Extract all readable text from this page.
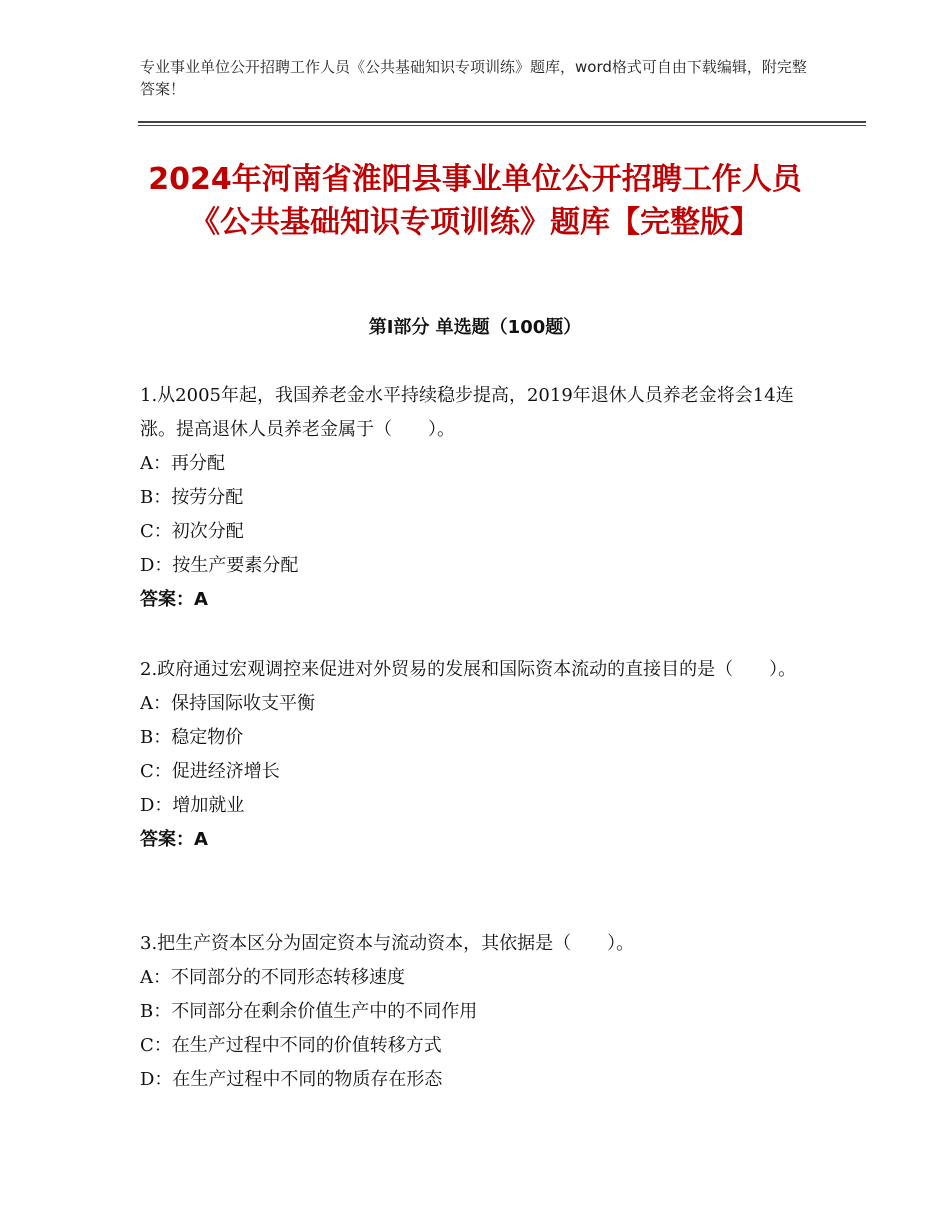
专业事业单位公开招聘工作人员《公共基础知识专项训练》题库，word格式可自由下载编辑，附完整答案！
2024年河南省淮阳县事业单位公开招聘工作人员《公共基础知识专项训练》题库【完整版】
第Ⅰ部分 单选题（100题）

1.从2005年起，我国养老金水平持续稳步提高，2019年退休人员养老金将会14连涨。提高退休人员养老金属于（　　）。

A：再分配

B：按劳分配

C：初次分配

D：按生产要素分配

答案：A

2.政府通过宏观调控来促进对外贸易的发展和国际资本流动的直接目的是（　　）。

A：保持国际收支平衡

B：稳定物价

C：促进经济增长

D：增加就业

答案：A

3.把生产资本区分为固定资本与流动资本，其依据是（　　）。

A：不同部分的不同形态转移速度

B：不同部分在剩余价值生产中的不同作用

C：在生产过程中不同的价值转移方式

D：在生产过程中不同的物质存在形态
